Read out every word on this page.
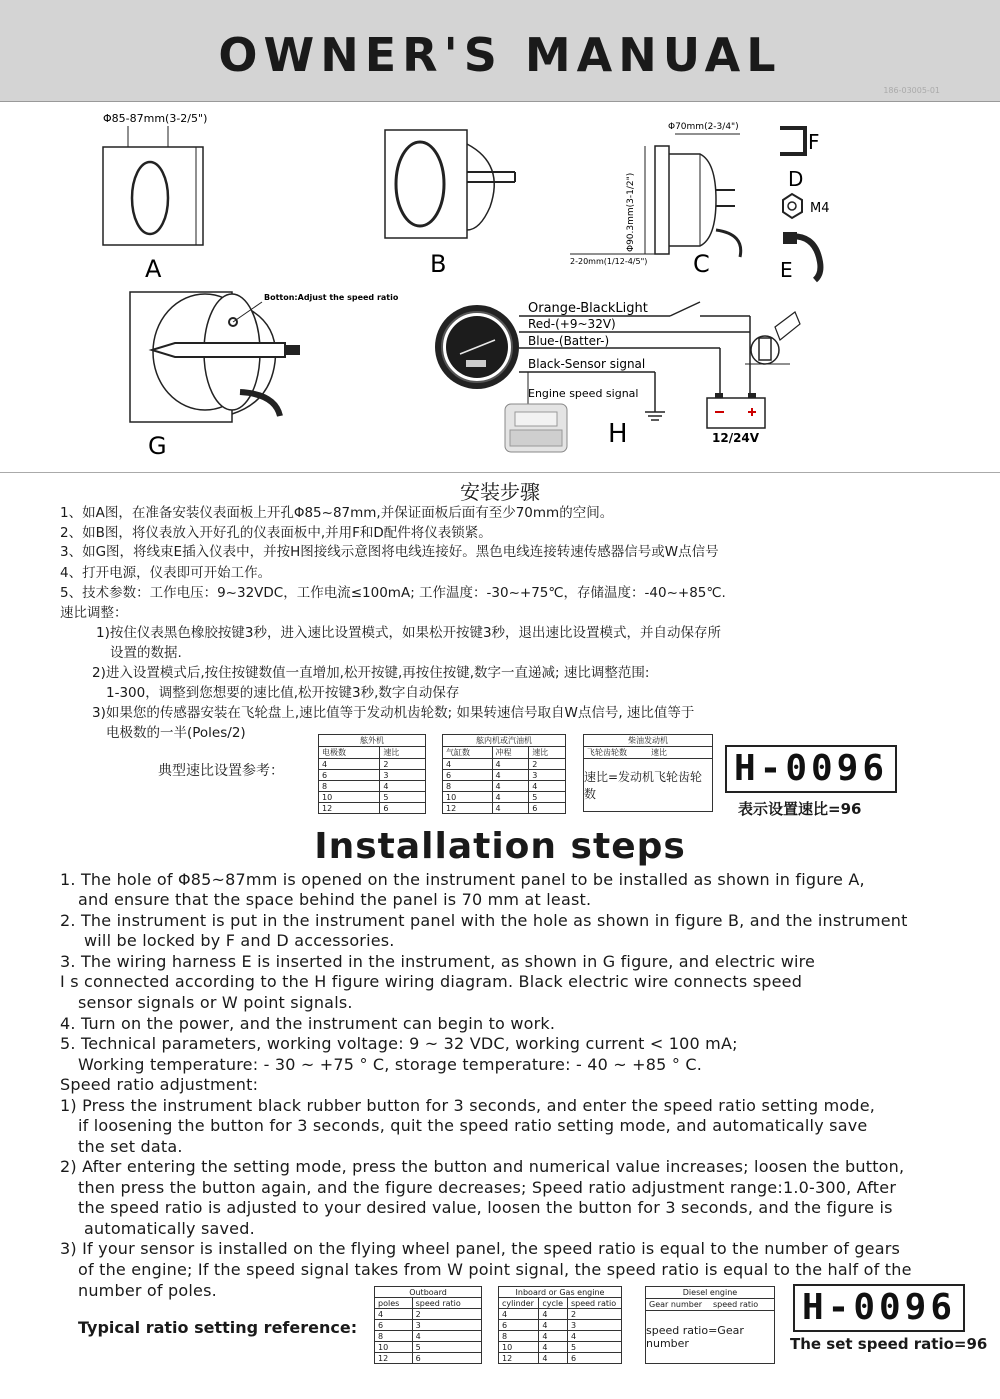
OWNER'S MANUAL
186-03005-01
Φ85-87mm(3-2/5")
A	B
Φ70mm(2-3/4")
Φ90.3mm(3-1/2")
2-20mm(1/12-4/5") C
F
D
M4
E
Botton:Adjust the speed ratio
G
Orange-BlackLight
Red-(+9~32V)
Blue-(Batter-)
Black-Sensor signal
Engine speed signal
12/24V
H
安装步骤
1、如A图，在准备安装仪表面板上开孔Φ85~87mm,并保证面板后面有至少70mm的空间。
2、如B图，将仪表放入开好孔的仪表面板中,并用F和D配件将仪表锁紧。
3、如G图，将线束E插入仪表中，并按H图接线示意图将电线连接好。黑色电线连接转速传感器信号或W点信号
4、打开电源，仪表即可开始工作。
5、技术参数：工作电压：9~32VDC，工作电流≤100mA; 工作温度：-30~+75℃，存储温度：-40~+85℃.
速比调整：
1)按住仪表黑色橡胶按键3秒，进入速比设置模式，如果松开按键3秒，退出速比设置模式，并自动保存所
设置的数据.
2)进入设置模式后,按住按键数值一直增加,松开按键,再按住按键,数字一直递减; 速比调整范围:
1-300，调整到您想要的速比值,松开按键3秒,数字自动保存
3)如果您的传感器安装在飞轮盘上,速比值等于发动机齿轮数; 如果转速信号取自W点信号, 速比值等于
电极数的一半(Poles/2)
典型速比设置参考：
舷外机	
电极数	速比
4	2
6	3
8	4
10	5
12	6
舷内机或汽油机		
气缸数	冲程	速比
4	4	2
6	4	3
8	4	4
10	4	5
12	4	6
柴油发动机
飞轮齿轮数	速比
速比=发动机飞轮齿轮数
H-0096
表示设置速比=96
Installation steps
1. The hole of Φ85~87mm is opened on the instrument panel to be installed as shown in figure A,
and ensure that the space behind the panel is 70 mm at least.
2. The instrument is put in the instrument panel with the hole as shown in figure B, and the instrument
will be locked by F and D accessories.
3. The wiring harness E is inserted in the instrument, as shown in G figure, and electric wire
I s connected according to the H figure wiring diagram. Black electric wire connects speed
sensor signals or W point signals.
4. Turn on the power, and the instrument can begin to work.
5. Technical parameters, working voltage: 9 ~ 32 VDC, working current < 100 mA;
Working temperature: - 30 ~ +75 ° C, storage temperature: - 40 ~ +85 ° C.
Speed ratio adjustment:
1) Press the instrument black rubber button for 3 seconds, and enter the speed ratio setting mode,
if loosening the button for 3 seconds, quit the speed ratio setting mode, and automatically save
the set data.
2) After entering the setting mode, press the button and numerical value increases; loosen the button,
then press the button again, and the figure decreases; Speed ratio adjustment range:1.0-300, After
the speed ratio is adjusted to your desired value, loosen the button for 3 seconds, and the figure is
automatically saved.
3) If your sensor is installed on the flying wheel panel, the speed ratio is equal to the number of gears
of the engine; If the speed signal takes from W point signal, the speed ratio is equal to the half of the
number of poles.
Typical ratio setting reference:
Outboard	
poles	speed ratio
4	2
6	3
8	4
10	5
12	6
Inboard or Gas engine		
cylinder	cycle	speed ratio
4	4	2
6	4	3
8	4	4
10	4	5
12	4	6
Diesel engine
Gear number	speed ratio
speed ratio=Gear number
H-0096
The set speed ratio=96
